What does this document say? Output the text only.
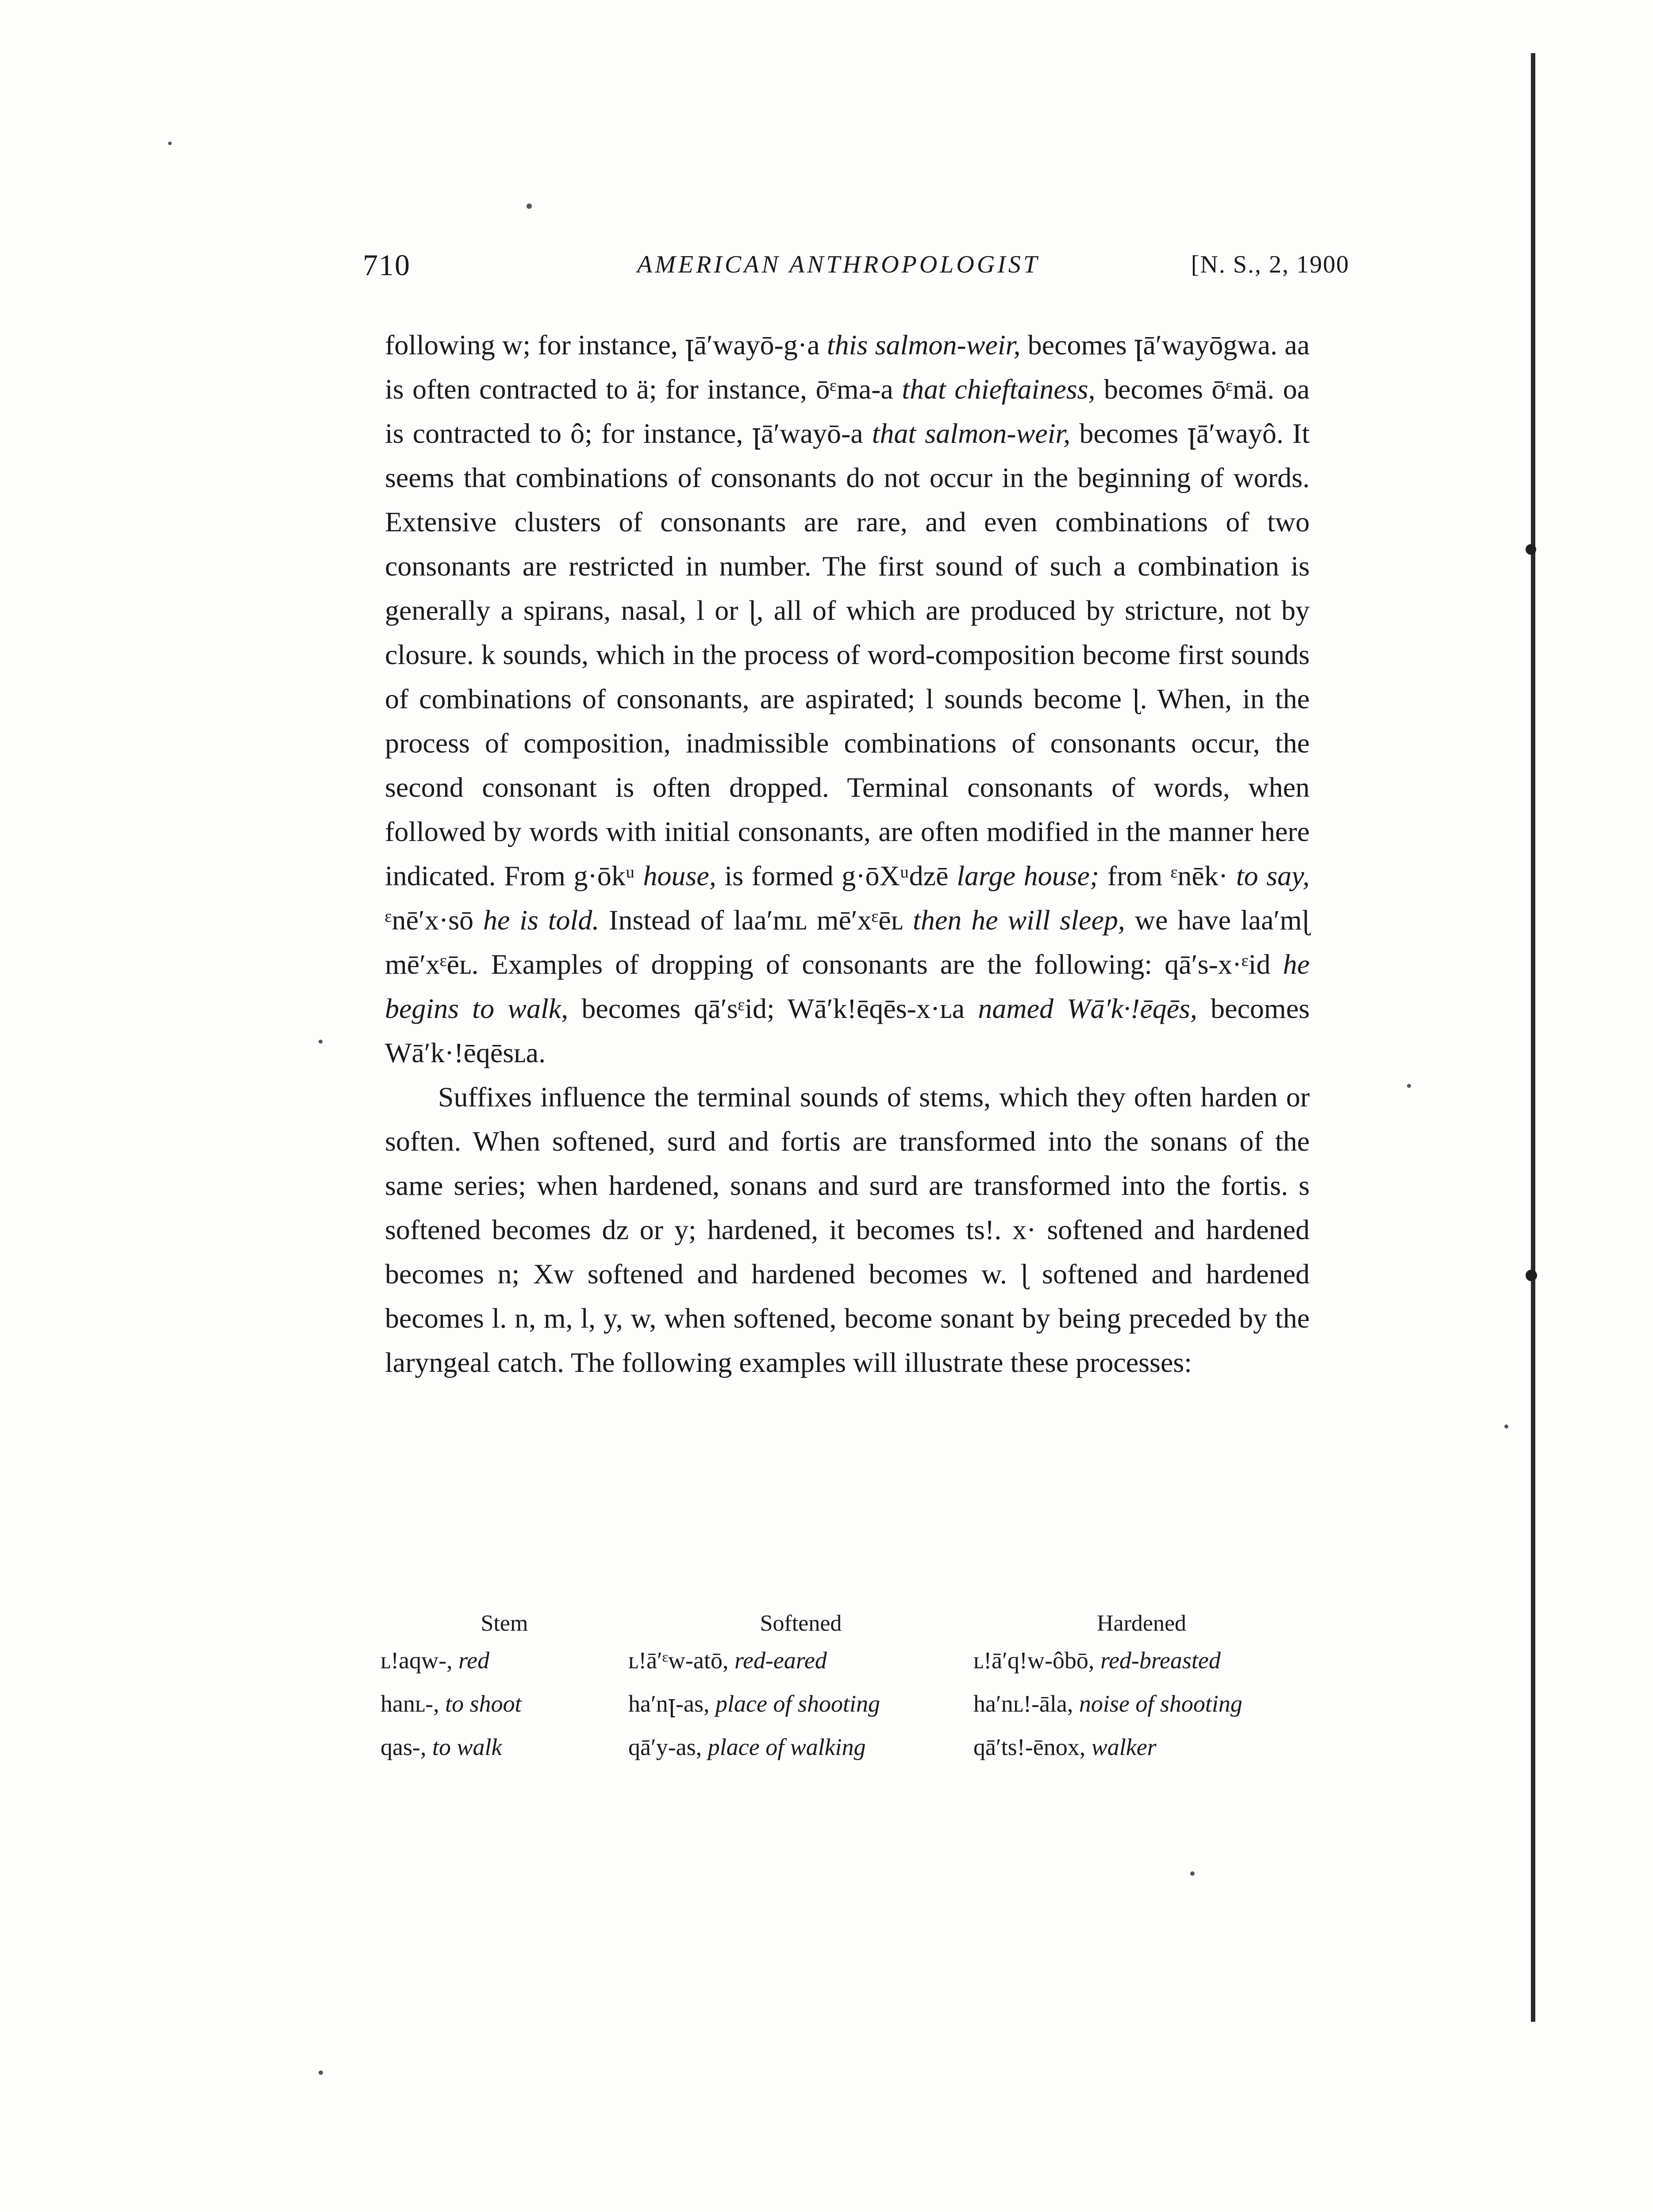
710	AMERICAN ANTHROPOLOGIST	[N. S., 2, 1900

following w; for instance, ꞁā′wayō-g·a this salmon-weir, becomes ꞁā′wayōgwa. aa is often contracted to ä; for instance, ōᵋma-a that chieftainess, becomes ōᵋmä. oa is contracted to ô; for instance, ꞁā′wayō-a that salmon-weir, becomes ꞁā′wayô. It seems that combinations of consonants do not occur in the beginning of words. Extensive clusters of consonants are rare, and even combinations of two consonants are restricted in number. The first sound of such a combination is generally a spirans, nasal, l or ɭ, all of which are produced by stricture, not by closure. k sounds, which in the process of word-composition become first sounds of combinations of consonants, are aspirated; l sounds become ɭ. When, in the process of composition, inadmissible combinations of consonants occur, the second consonant is often dropped. Terminal consonants of words, when followed by words with initial consonants, are often modified in the manner here indicated. From g·ōkᵘ house, is formed g·ōXᵘdzē large house; from ᵋnēk· to say, ᵋnē′x·sō he is told. Instead of laa′mʟ mē′xᵋēʟ then he will sleep, we have laa′mɭ mē′xᵋēʟ. Examples of dropping of consonants are the following: qā′s-x·ᵋid he begins to walk, becomes qā′sᵋid; Wā′k!ēqēs-x·ʟa named Wā′k·!ēqēs, becomes Wā′k·!ēqēsʟa.

Suffixes influence the terminal sounds of stems, which they often harden or soften. When softened, surd and fortis are transformed into the sonans of the same series; when hardened, sonans and surd are transformed into the fortis. s softened becomes dz or y; hardened, it becomes ts!. x· softened and hardened becomes n; Xw softened and hardened becomes w. ɭ softened and hardened becomes l. n, m, l, y, w, when softened, become sonant by being preceded by the laryngeal catch. The following examples will illustrate these processes:

Stem	Softened	Hardened
ʟ!aqw-, red	ʟ!ā′ᵋw-atō, red-eared	ʟ!ā′q!w-ôbō, red-breasted
hanʟ-, to shoot	ha′nꞁ-as, place of shooting	ha′nʟ!-āla, noise of shooting
qas-, to walk	qā′y-as, place of walking	qā′ts!-ēnox, walker
